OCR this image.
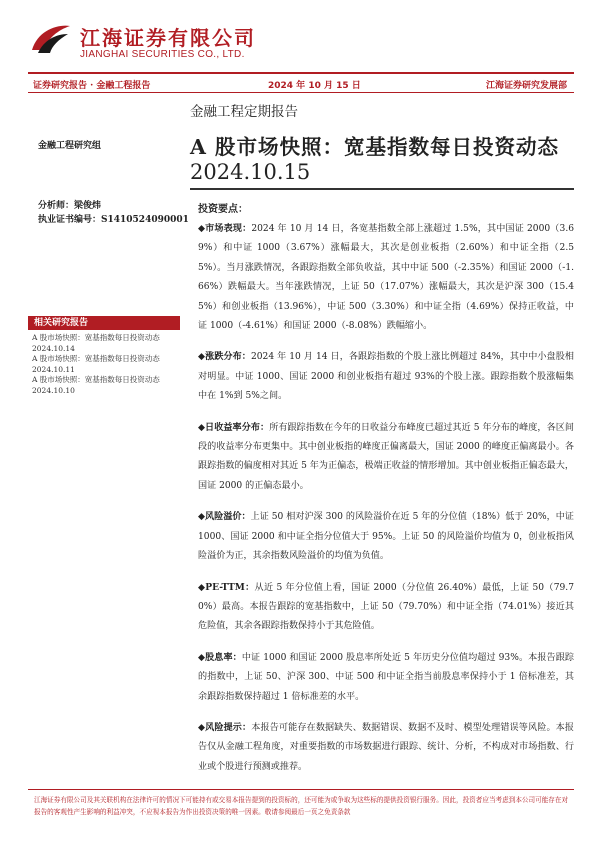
江海证券有限公司
JIANGHAI SECURITIES CO., LTD.
证券研究报告 · 金融工程报告	2024 年 10 月 15 日	江海证券研究发展部
金融工程定期报告
金融工程研究组
分析师：梁俊炜
执业证书编号：S1410524090001
相关研究报告
A 股市场快照：宽基指数每日投资动态 2024.10.14
A 股市场快照：宽基指数每日投资动态 2024.10.11
A 股市场快照：宽基指数每日投资动态 2024.10.10
A 股市场快照：宽基指数每日投资动态
2024.10.15
投资要点：

◆市场表现：2024 年 10 月 14 日，各宽基指数全部上涨超过 1.5%，其中国证 2000（3.69%）和中证 1000（3.67%）涨幅最大，其次是创业板指（2.60%）和中证全指（2.55%）。当月涨跌情况，各跟踪指数全部负收益，其中中证 500（-2.35%）和国证 2000（-1.66%）跌幅最大。当年涨跌情况，上证 50（17.07%）涨幅最大，其次是沪深 300（15.45%）和创业板指（13.96%），中证 500（3.30%）和中证全指（4.69%）保持正收益，中证 1000（-4.61%）和国证 2000（-8.08%）跌幅缩小。

◆涨跌分布：2024 年 10 月 14 日，各跟踪指数的个股上涨比例超过 84%，其中中小盘股相对明显。中证 1000、国证 2000 和创业板指有超过 93%的个股上涨。跟踪指数个股涨幅集中在 1%到 5%之间。

◆日收益率分布：所有跟踪指数在今年的日收益分布峰度已超过其近 5 年分布的峰度，各区间段的收益率分布更集中。其中创业板指的峰度正偏离最大，国证 2000 的峰度正偏离最小。各跟踪指数的偏度相对其近 5 年为正偏态，极端正收益的情形增加。其中创业板指正偏态最大，国证 2000 的正偏态最小。

◆风险溢价：上证 50 相对沪深 300 的风险溢价在近 5 年的分位值（18%）低于 20%，中证 1000、国证 2000 和中证全指分位值大于 95%。上证 50 的风险溢价均值为 0，创业板指风险溢价为正，其余指数风险溢价的均值为负值。

◆PE-TTM：从近 5 年分位值上看，国证 2000（分位值 26.40%）最低，上证 50（79.70%）最高。本报告跟踪的宽基指数中，上证 50（79.70%）和中证全指（74.01%）接近其危险值，其余各跟踪指数保持小于其危险值。

◆股息率：中证 1000 和国证 2000 股息率所处近 5 年历史分位值均超过 93%。本报告跟踪的指数中，上证 50、沪深 300、中证 500 和中证全指当前股息率保持小于 1 倍标准差，其余跟踪指数保持超过 1 倍标准差的水平。

◆风险提示：本报告可能存在数据缺失、数据错误、数据不及时、模型处理错误等风险。本报告仅从金融工程角度，对重要指数的市场数据进行跟踪、统计、分析，不构成对市场指数、行业或个股进行预测或推荐。

江海证券有限公司及其关联机构在法律许可的情况下可能持有或交易本报告提到的投资标的，还可能为或争取为这些标的提供投资银行服务。因此，投资者应当考虑到本公司可能存在对报告的客观性产生影响的利益冲突，不应视本报告为作出投资决策的唯一因素。敬请参阅最后一页之免责条款
